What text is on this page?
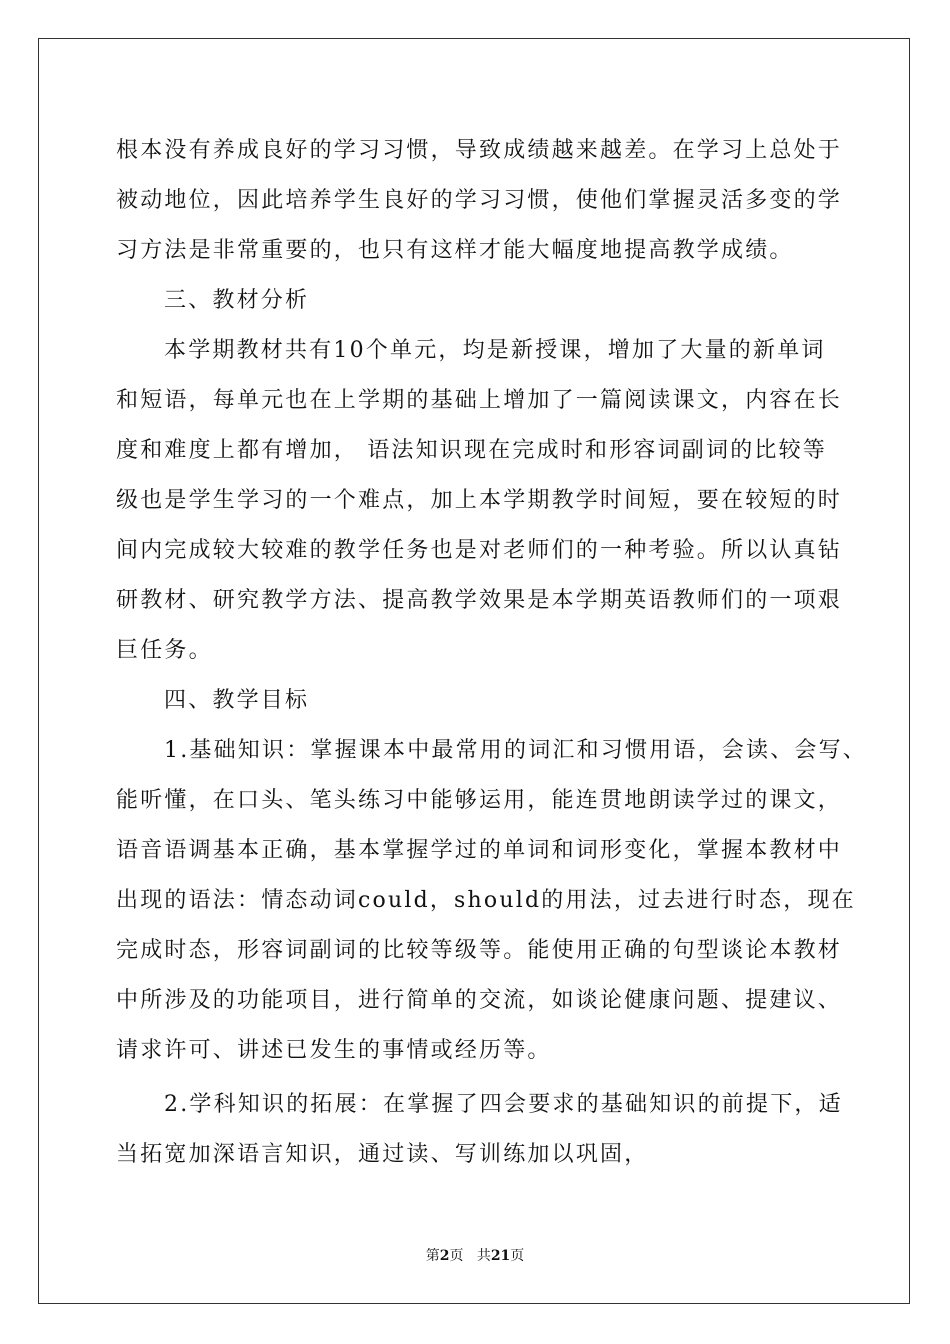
根本没有养成良好的学习习惯，导致成绩越来越差。在学习上总处于
被动地位，因此培养学生良好的学习习惯，使他们掌握灵活多变的学
习方法是非常重要的，也只有这样才能大幅度地提高教学成绩。
三、教材分析
本学期教材共有10个单元，均是新授课，增加了大量的新单词
和短语，每单元也在上学期的基础上增加了一篇阅读课文，内容在长
度和难度上都有增加， 语法知识现在完成时和形容词副词的比较等
级也是学生学习的一个难点，加上本学期教学时间短，要在较短的时
间内完成较大较难的教学任务也是对老师们的一种考验。所以认真钻
研教材、研究教学方法、提高教学效果是本学期英语教师们的一项艰
巨任务。
四、教学目标
1.基础知识：掌握课本中最常用的词汇和习惯用语，会读、会写、
能听懂，在口头、笔头练习中能够运用，能连贯地朗读学过的课文，
语音语调基本正确，基本掌握学过的单词和词形变化，掌握本教材中
出现的语法：情态动词could，should的用法，过去进行时态，现在
完成时态，形容词副词的比较等级等。能使用正确的句型谈论本教材
中所涉及的功能项目，进行简单的交流，如谈论健康问题、提建议、
请求许可、讲述已发生的事情或经历等。
2.学科知识的拓展：在掌握了四会要求的基础知识的前提下，适
当拓宽加深语言知识，通过读、写训练加以巩固，
第2页 共21页
